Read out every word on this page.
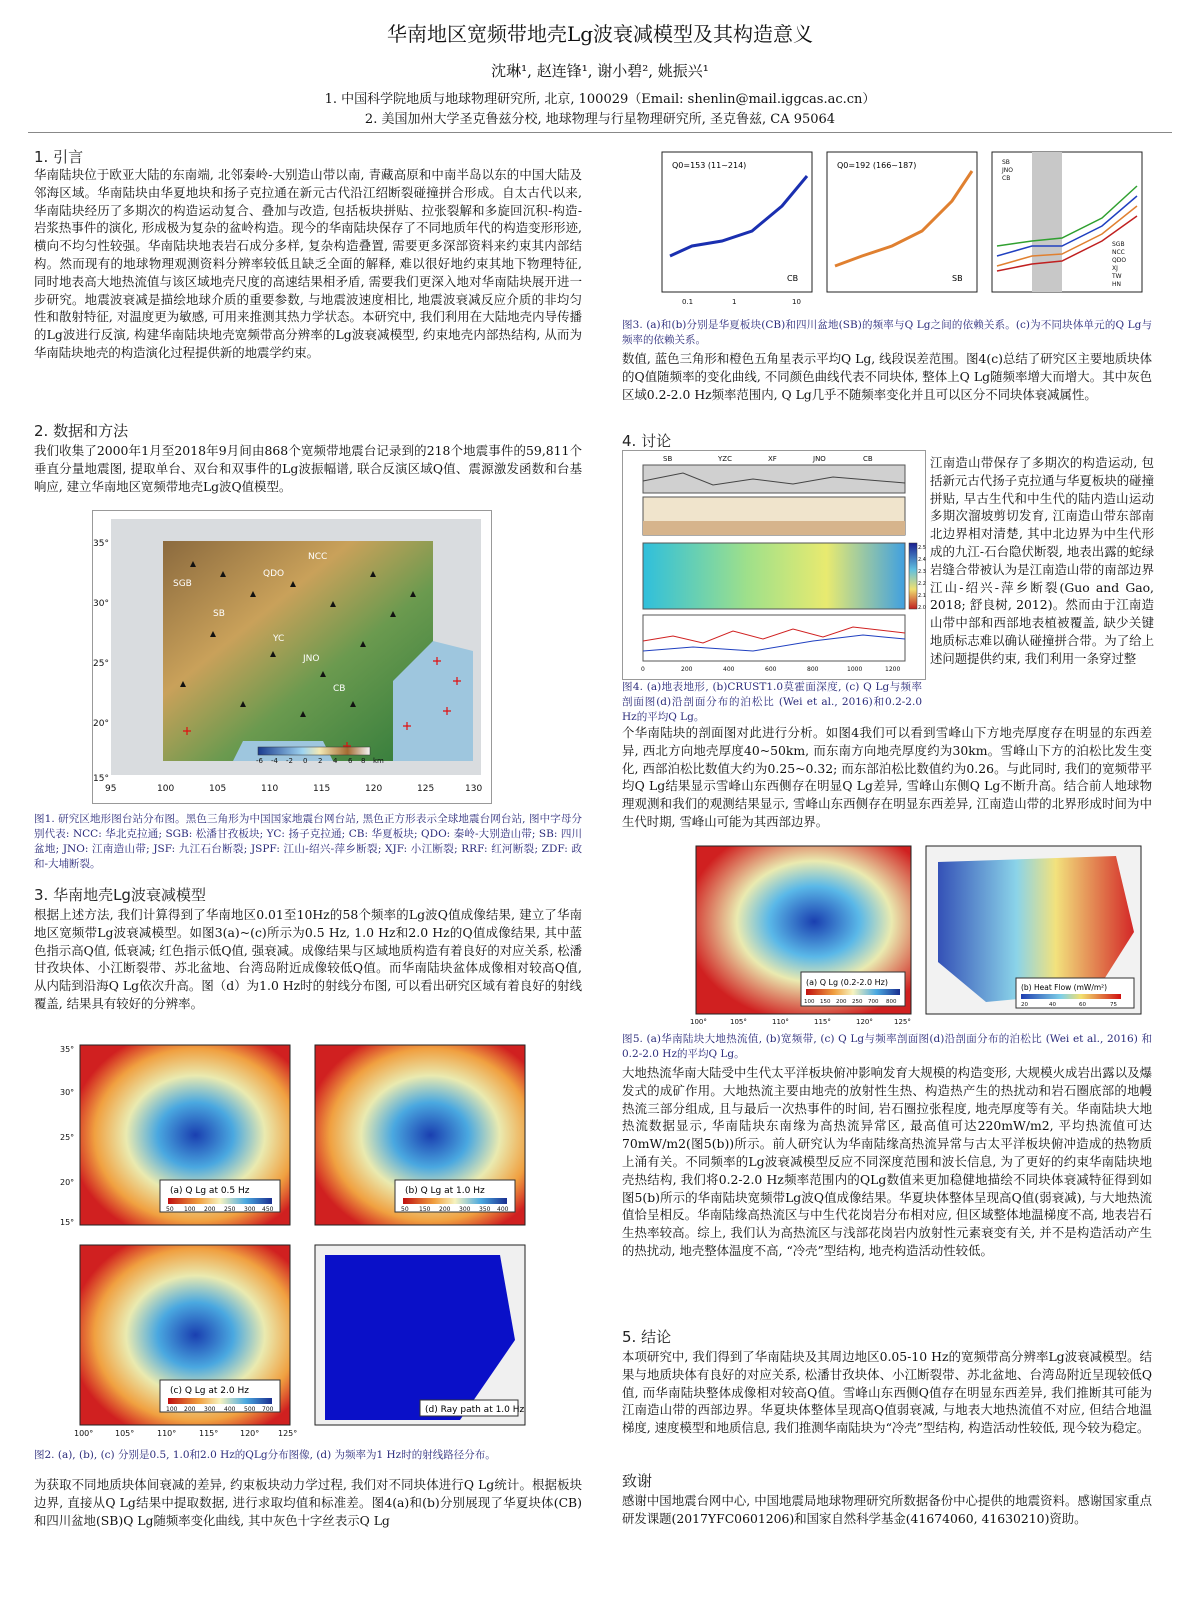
华南地区宽频带地壳Lg波衰减模型及其构造意义
沈琳¹, 赵连锋¹, 谢小碧², 姚振兴¹
1. 中国科学院地质与地球物理研究所, 北京, 100029（Email: shenlin@mail.iggcas.ac.cn）
2. 美国加州大学圣克鲁兹分校, 地球物理与行星物理研究所, 圣克鲁兹, CA 95064
1. 引言
华南陆块位于欧亚大陆的东南端, 北邻秦岭-大别造山带以南, 青藏高原和中南半岛以东的中国大陆及邻海区域。华南陆块由华夏地块和扬子克拉通在新元古代沿江绍断裂碰撞拼合形成。自太古代以来, 华南陆块经历了多期次的构造运动复合、叠加与改造, 包括板块拼贴、拉张裂解和多旋回沉积-构造-岩浆热事件的演化, 形成极为复杂的盆岭构造。现今的华南陆块保存了不同地质年代的构造变形形迹, 横向不均匀性较强。华南陆块地表岩石成分多样, 复杂构造叠置, 需要更多深部资料来约束其内部结构。然而现有的地球物理观测资料分辨率较低且缺乏全面的解释, 难以很好地约束其地下物理特征, 同时地表高大地热流值与该区域地壳尺度的高速结果相矛盾, 需要我们更深入地对华南陆块展开进一步研究。地震波衰减是描绘地球介质的重要参数, 与地震波速度相比, 地震波衰减反应介质的非均匀性和散射特征, 对温度更为敏感, 可用来推测其热力学状态。本研究中, 我们利用在大陆地壳内导传播的Lg波进行反演, 构建华南陆块地壳宽频带高分辨率的Lg波衰减模型, 约束地壳内部热结构, 从而为华南陆块地壳的构造演化过程提供新的地震学约束。
2. 数据和方法
我们收集了2000年1月至2018年9月间由868个宽频带地震台记录到的218个地震事件的59,811个垂直分量地震图, 提取单台、双台和双事件的Lg波振幅谱, 联合反演区域Q值、震源激发函数和台基响应, 建立华南地区宽频带地壳Lg波Q值模型。
NCC
SGB
YC
CB
QDO
SB
JNO
-6 -4 -2 0 2 4 6 8 km
95	100	105	110	115	120	125	130
35°
30°
25°
20°
15°
图1. 研究区地形图台站分布图。黑色三角形为中国国家地震台网台站, 黑色正方形表示全球地震台网台站, 图中字母分别代表: NCC: 华北克拉通; SGB: 松潘甘孜板块; YC: 扬子克拉通; CB: 华夏板块; QDO: 秦岭-大别造山带; SB: 四川盆地; JNO: 江南造山带; JSF: 九江石台断裂; JSPF: 江山-绍兴-萍乡断裂; XJF: 小江断裂; RRF: 红河断裂; ZDF: 政和-大埔断裂。
3. 华南地壳Lg波衰减模型
根据上述方法, 我们计算得到了华南地区0.01至10Hz的58个频率的Lg波Q值成像结果, 建立了华南地区宽频带Lg波衰减模型。如图3(a)~(c)所示为0.5 Hz, 1.0 Hz和2.0 Hz的Q值成像结果, 其中蓝色指示高Q值, 低衰减; 红色指示低Q值, 强衰减。成像结果与区域地质构造有着良好的对应关系, 松潘甘孜块体、小江断裂带、苏北盆地、台湾岛附近成像较低Q值。而华南陆块盆体成像相对较高Q值, 从内陆到沿海Q Lg依次升高。图（d）为1.0 Hz时的射线分布图, 可以看出研究区域有着良好的射线覆盖, 结果具有较好的分辨率。
(a) Q Lg at 0.5 Hz
50 100 200 250 300 450
(b) Q Lg at 1.0 Hz
50 150 200 300 350 400
(c) Q Lg at 2.0 Hz
100 200 300 400 500 700	(d) Ray path at 1.0 Hz
100°	105°	110°	115°	120° 125°
35°
30°
25°
20°
15°
图2. (a), (b), (c) 分别是0.5, 1.0和2.0 Hz的QLg分布图像, (d) 为频率为1 Hz时的射线路径分布。
为获取不同地质块体间衰减的差异, 约束板块动力学过程, 我们对不同块体进行Q Lg统计。根据板块边界, 直接从Q Lg结果中提取数据, 进行求取均值和标准差。图4(a)和(b)分别展现了华夏块体(CB)和四川盆地(SB)Q Lg随频率变化曲线, 其中灰色十字丝表示Q Lg
Q0=153 (11~214)
CB
Q0=192 (166~187)
SB
SB
JNO
CB
SGB
NCC
QDO
XJ
TW
HN
0.1	1	10
图3. (a)和(b)分别是华夏板块(CB)和四川盆地(SB)的频率与Q Lg之间的依赖关系。(c)为不同块体单元的Q Lg与频率的依赖关系。
数值, 蓝色三角形和橙色五角星表示平均Q Lg, 线段误差范围。图4(c)总结了研究区主要地质块体的Q值随频率的变化曲线, 不同颜色曲线代表不同块体, 整体上Q Lg随频率增大而增大。其中灰色区域0.2-2.0 Hz频率范围内, Q Lg几乎不随频率变化并且可以区分不同块体衰减属性。
4. 讨论
SB	YZC	XF	JNO	CB
0	200	400	600	800	1000	1200
2.5
2.4
2.3
2.2
2.1
2.0
图4. (a)地表地形, (b)CRUST1.0莫霍面深度, (c) Q Lg与频率剖面图(d)沿剖面分布的泊松比 (Wei et al., 2016)和0.2-2.0 Hz的平均Q Lg。
江南造山带保存了多期次的构造运动, 包括新元古代扬子克拉通与华夏板块的碰撞拼贴, 早古生代和中生代的陆内造山运动多期次溜坡剪切发育, 江南造山带东部南北边界相对清楚, 其中北边界为中生代形成的九江-石台隐伏断裂, 地表出露的蛇绿岩缝合带被认为是江南造山带的南部边界江山-绍兴-萍乡断裂(Guo and Gao, 2018; 舒良树, 2012)。然而由于江南造山带中部和西部地表植被覆盖, 缺少关键地质标志难以确认碰撞拼合带。为了给上述问题提供约束, 我们利用一条穿过整
个华南陆块的剖面图对此进行分析。如图4我们可以看到雪峰山下方地壳厚度存在明显的东西差异, 西北方向地壳厚度40~50km, 而东南方向地壳厚度约为30km。雪峰山下方的泊松比发生变化, 西部泊松比数值大约为0.25~0.32; 而东部泊松比数值约为0.26。与此同时, 我们的宽频带平均Q Lg结果显示雪峰山东西侧存在明显Q Lg差异, 雪峰山东侧Q Lg不断升高。结合前人地球物理观测和我们的观测结果显示, 雪峰山东西侧存在明显东西差异, 江南造山带的北界形成时间为中生代时期, 雪峰山可能为其西部边界。
(a) Q Lg (0.2-2.0 Hz)
100 150 200 250 700 800
(b) Heat Flow (mW/m²)
20	40	60	75
100°	105°	110°	115°	120°	125°
图5. (a)华南陆块大地热流值, (b)宽频带, (c) Q Lg与频率剖面图(d)沿剖面分布的泊松比 (Wei et al., 2016) 和0.2-2.0 Hz的平均Q Lg。
大地热流华南大陆受中生代太平洋板块俯冲影响发育大规模的构造变形, 大规模火成岩出露以及爆发式的成矿作用。大地热流主要由地壳的放射性生热、构造热产生的热扰动和岩石圈底部的地幔热流三部分组成, 且与最后一次热事件的时间, 岩石圈拉张程度, 地壳厚度等有关。华南陆块大地热流数据显示, 华南陆块东南缘为高热流异常区, 最高值可达220mW/m2, 平均热流值可达70mW/m2(图5(b))所示。前人研究认为华南陆缘高热流异常与古太平洋板块俯冲造成的热物质上涌有关。不同频率的Lg波衰减模型反应不同深度范围和波长信息, 为了更好的约束华南陆块地壳热结构, 我们将0.2-2.0 Hz频率范围内的QLg数值来更加稳健地描绘不同块体衰减特征得到如图5(b)所示的华南陆块宽频带Lg波Q值成像结果。华夏块体整体呈现高Q值(弱衰减), 与大地热流值恰呈相反。华南陆缘高热流区与中生代花岗岩分布相对应, 但区域整体地温梯度不高, 地表岩石生热率较高。综上, 我们认为高热流区与浅部花岗岩内放射性元素衰变有关, 并不是构造活动产生的热扰动, 地壳整体温度不高, “冷壳”型结构, 地壳构造活动性较低。
5. 结论
本项研究中, 我们得到了华南陆块及其周边地区0.05-10 Hz的宽频带高分辨率Lg波衰减模型。结果与地质块体有良好的对应关系, 松潘甘孜块体、小江断裂带、苏北盆地、台湾岛附近呈现较低Q值, 而华南陆块整体成像相对较高Q值。雪峰山东西侧Q值存在明显东西差异, 我们推断其可能为江南造山带的西部边界。华夏块体整体呈现高Q值弱衰减, 与地表大地热流值不对应, 但结合地温梯度, 速度模型和地质信息, 我们推测华南陆块为“冷壳”型结构, 构造活动性较低, 现今较为稳定。
致谢
感谢中国地震台网中心, 中国地震局地球物理研究所数据备份中心提供的地震资料。感谢国家重点研发课题(2017YFC0601206)和国家自然科学基金(41674060, 41630210)资助。
